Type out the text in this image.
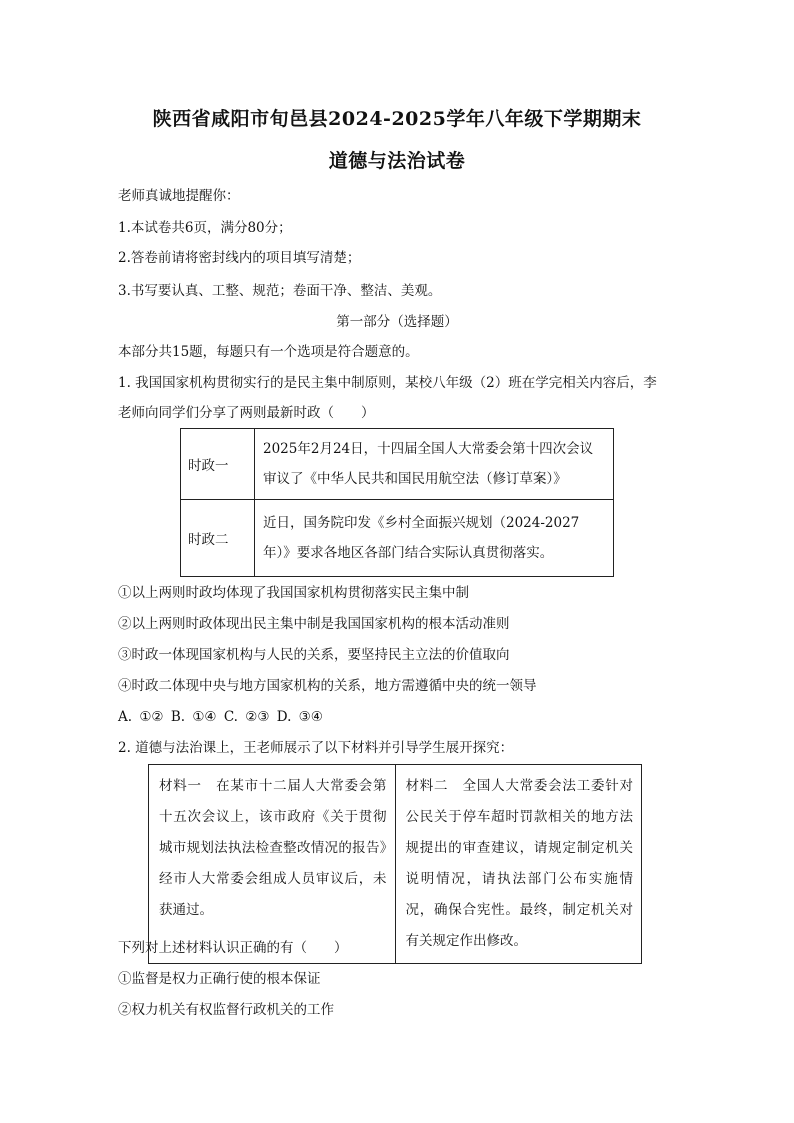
陕西省咸阳市旬邑县2024-2025学年八年级下学期期末
道德与法治试卷
老师真诚地提醒你：
1.本试卷共6页，满分80分；
2.答卷前请将密封线内的项目填写清楚；
3.书写要认真、工整、规范；卷面干净、整洁、美观。
第一部分（选择题）
本部分共15题，每题只有一个选项是符合题意的。
1. 我国国家机构贯彻实行的是民主集中制原则，某校八年级（2）班在学完相关内容后，李
老师向同学们分享了两则最新时政（　　）
时政一	2025年2月24日，十四届全国人大常委会第十四次会议
审议了《中华人民共和国民用航空法（修订草案）》

时政二	近日，国务院印发《乡村全面振兴规划（2024-2027
年）》要求各地区各部门结合实际认真贯彻落实。
①以上两则时政均体现了我国国家机构贯彻落实民主集中制
②以上两则时政体现出民主集中制是我国国家机构的根本活动准则
③时政一体现国家机构与人民的关系，要坚持民主立法的价值取向
④时政二体现中央与地方国家机构的关系，地方需遵循中央的统一领导
A. ①② B. ①④ C. ②③ D. ③④
2. 道德与法治课上，王老师展示了以下材料并引导学生展开探究：
材料一　在某市十二届人大常委会第十五次会议上，该市政府《关于贯彻城市规划法执法检查整改情况的报告》经市人大常委会组成人员审议后，未获通过。	材料二　全国人大常委会法工委针对公民关于停车超时罚款相关的地方法规提出的审查建议，请规定制定机关说明情况，请执法部门公布实施情况，确保合宪性。最终，制定机关对有关规定作出修改。
下列对上述材料认识正确的有（　　）
①监督是权力正确行使的根本保证
②权力机关有权监督行政机关的工作
